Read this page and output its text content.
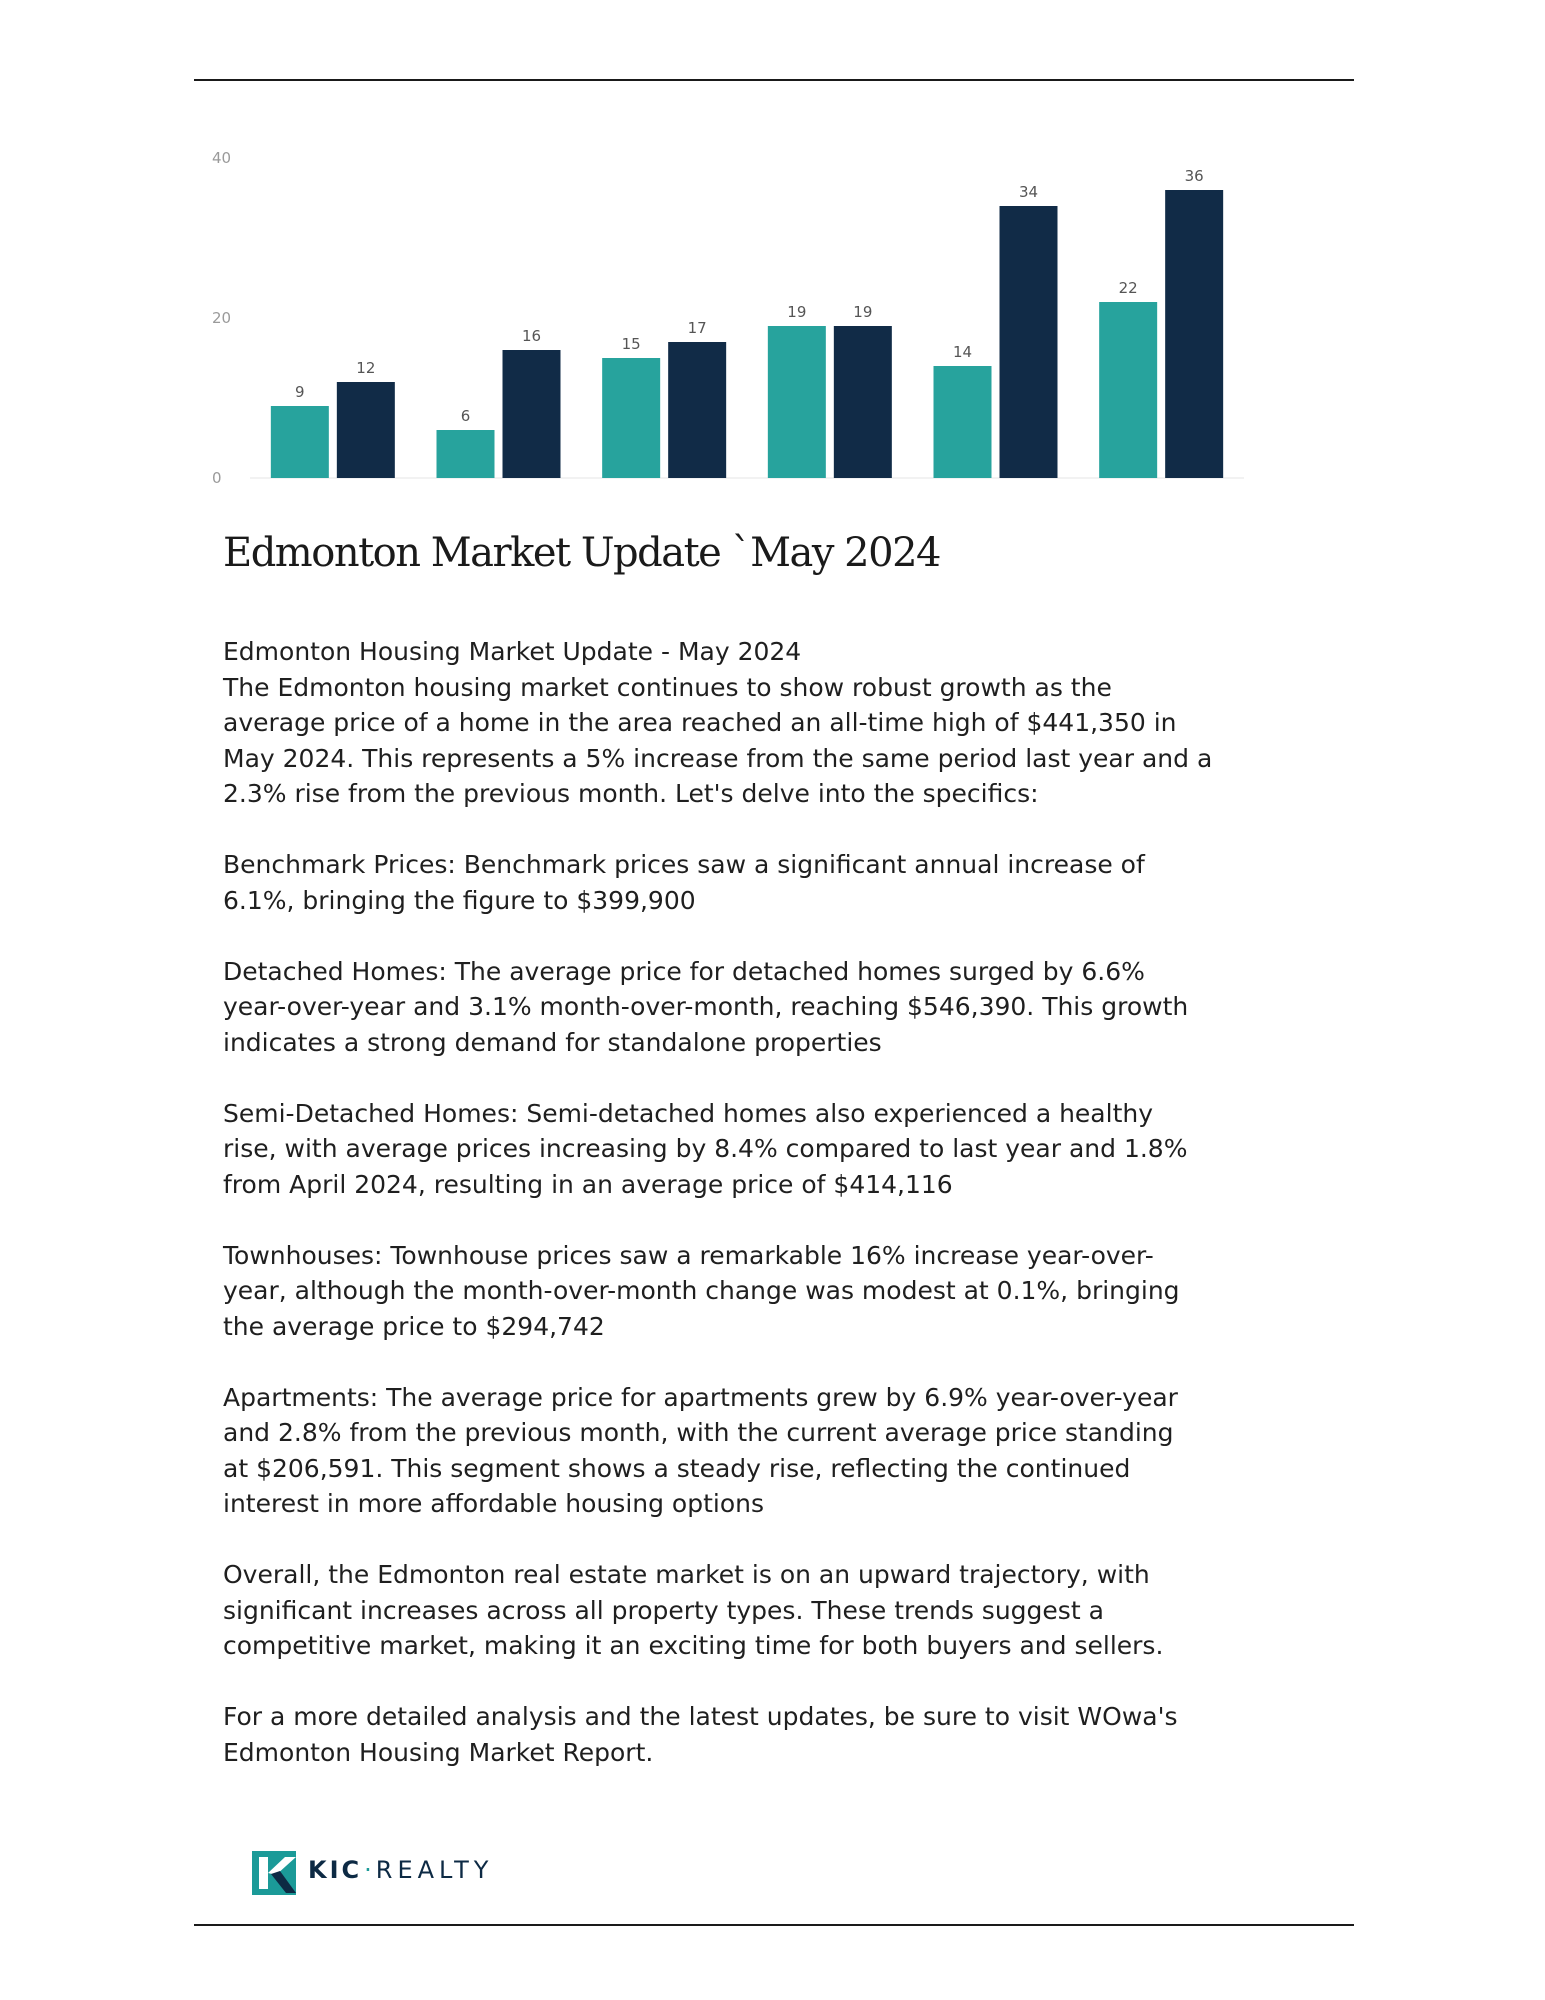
0
20
40
9
12
6
16	15
17
19	19
14
34
22
36
Edmonton Market Update `May 2024

Edmonton Housing Market Update - May 2024
The Edmonton housing market continues to show robust growth as the
average price of a home in the area reached an all-time high of $441,350 in
May 2024. This represents a 5% increase from the same period last year and a
2.3% rise from the previous month. Let's delve into the specifics:

Benchmark Prices: Benchmark prices saw a significant annual increase of
6.1%, bringing the figure to $399,900

Detached Homes: The average price for detached homes surged by 6.6%
year-over-year and 3.1% month-over-month, reaching $546,390. This growth
indicates a strong demand for standalone properties

Semi-Detached Homes: Semi-detached homes also experienced a healthy
rise, with average prices increasing by 8.4% compared to last year and 1.8%
from April 2024, resulting in an average price of $414,116

Townhouses: Townhouse prices saw a remarkable 16% increase year-over-
year, although the month-over-month change was modest at 0.1%, bringing
the average price to $294,742

Apartments: The average price for apartments grew by 6.9% year-over-year
and 2.8% from the previous month, with the current average price standing
at $206,591. This segment shows a steady rise, reflecting the continued
interest in more affordable housing options

Overall, the Edmonton real estate market is on an upward trajectory, with
significant increases across all property types. These trends suggest a
competitive market, making it an exciting time for both buyers and sellers.

For a more detailed analysis and the latest updates, be sure to visit WOwa's
Edmonton Housing Market Report.

KIC·REALTY
